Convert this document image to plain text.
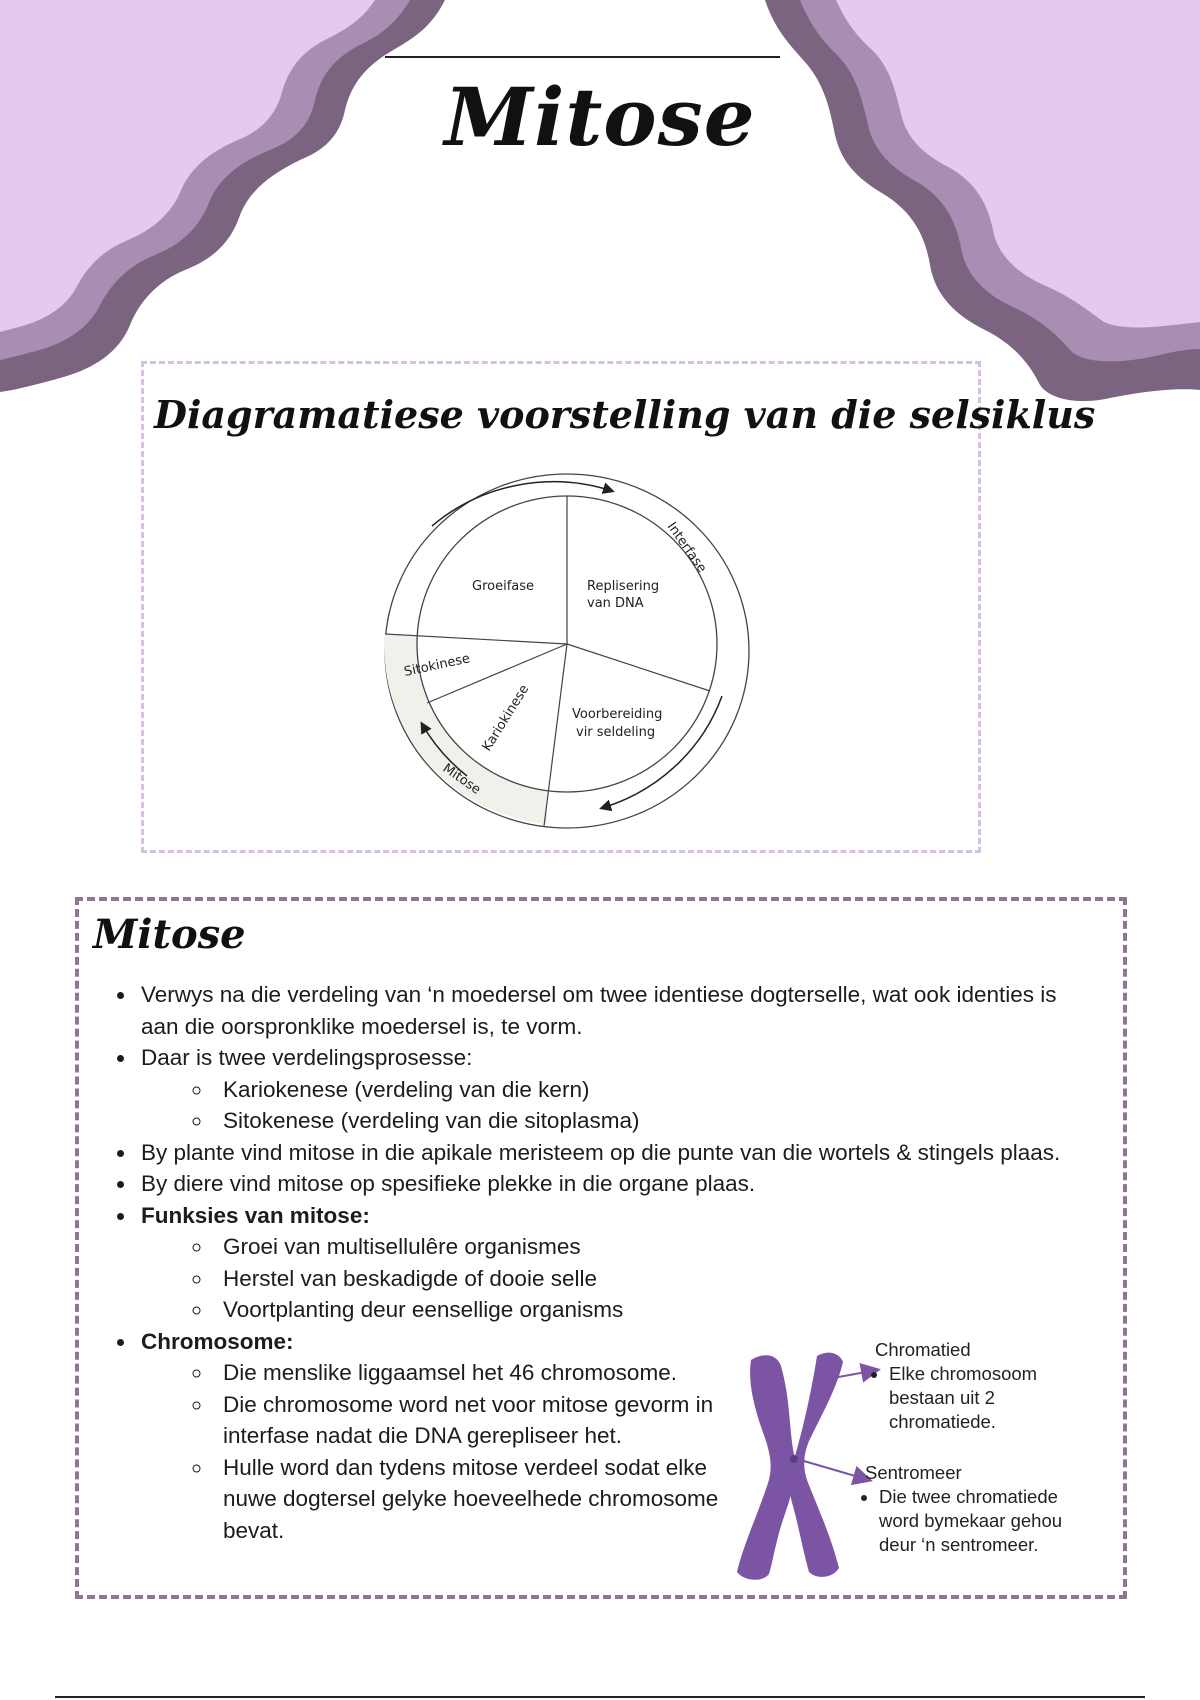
Mitose
Diagramatiese voorstelling van die selsiklus
Groeifase	Replisering
van DNA
Voorbereiding
vir seldeling
Kariokinese
Sitokinese
Interfase
Mitose
Mitose
• Verwys na die verdeling van ‘n moedersel om twee identiese dogterselle, wat ook identies is aan die oorspronklike moedersel is, te vorm.
• Daar is twee verdelingsprosesse:
◦ Kariokenese (verdeling van die kern)
◦ Sitokenese (verdeling van die sitoplasma)
• By plante vind mitose in die apikale meristeem op die punte van die wortels & stingels plaas.
• By diere vind mitose op spesifieke plekke in die organe plaas.
• Funksies van mitose:
◦ Groei van multisellulêre organismes
◦ Herstel van beskadigde of dooie selle
◦ Voortplanting deur eensellige organisms
• Chromosome:
◦ Die menslike liggaamsel het 46 chromosome.
◦ Die chromosome word net voor mitose gevorm in interfase nadat die DNA gerepliseer het.
◦ Hulle word dan tydens mitose verdeel sodat elke nuwe dogtersel gelyke hoeveelhede chromosome bevat.
Chromatied
• Elke chromosoom bestaan uit 2 chromatiede.
Sentromeer
• Die twee chromatiede word bymekaar gehou deur ‘n sentromeer.
